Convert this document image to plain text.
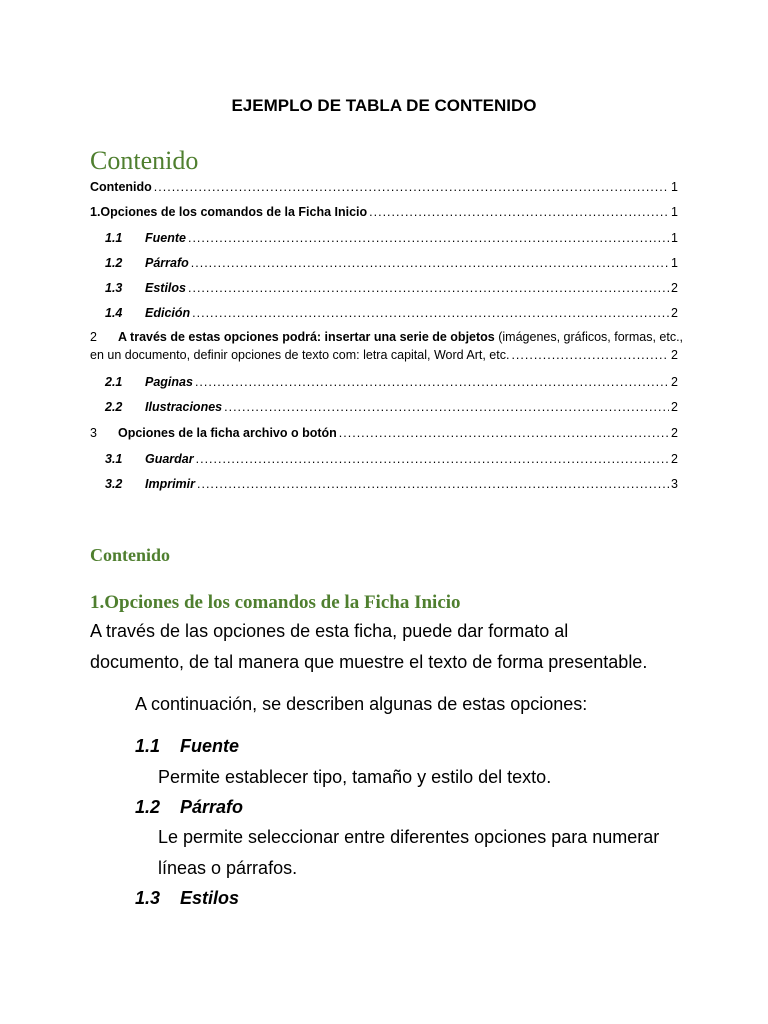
EJEMPLO DE TABLA DE CONTENIDO
Contenido
Contenido .....	1
1.Opciones de los comandos de la Ficha Inicio .....	1
1.1	Fuente .....	1
1.2	Párrafo .....	1
1.3	Estilos .....	2
1.4	Edición .....	2
2 A través de estas opciones podrá: insertar una serie de objetos (imágenes, gráficos, formas, etc.,
en un documento, definir opciones de texto com: letra capital, Word Art, etc. .....	2
2.1	Paginas .....	2
2.2	Ilustraciones .....	2
3	Opciones de la ficha archivo o botón .....	2
3.1	Guardar .....	2
3.2	Imprimir .....	3
Contenido
1.Opciones de los comandos de la Ficha Inicio
A través de las opciones de esta ficha, puede dar formato al
documento, de tal manera que muestre el texto de forma presentable.
A continuación, se describen algunas de estas opciones:
1.1 Fuente
Permite establecer tipo, tamaño y estilo del texto.
1.2 Párrafo
Le permite seleccionar entre diferentes opciones para numerar
líneas o párrafos.
1.3 Estilos
